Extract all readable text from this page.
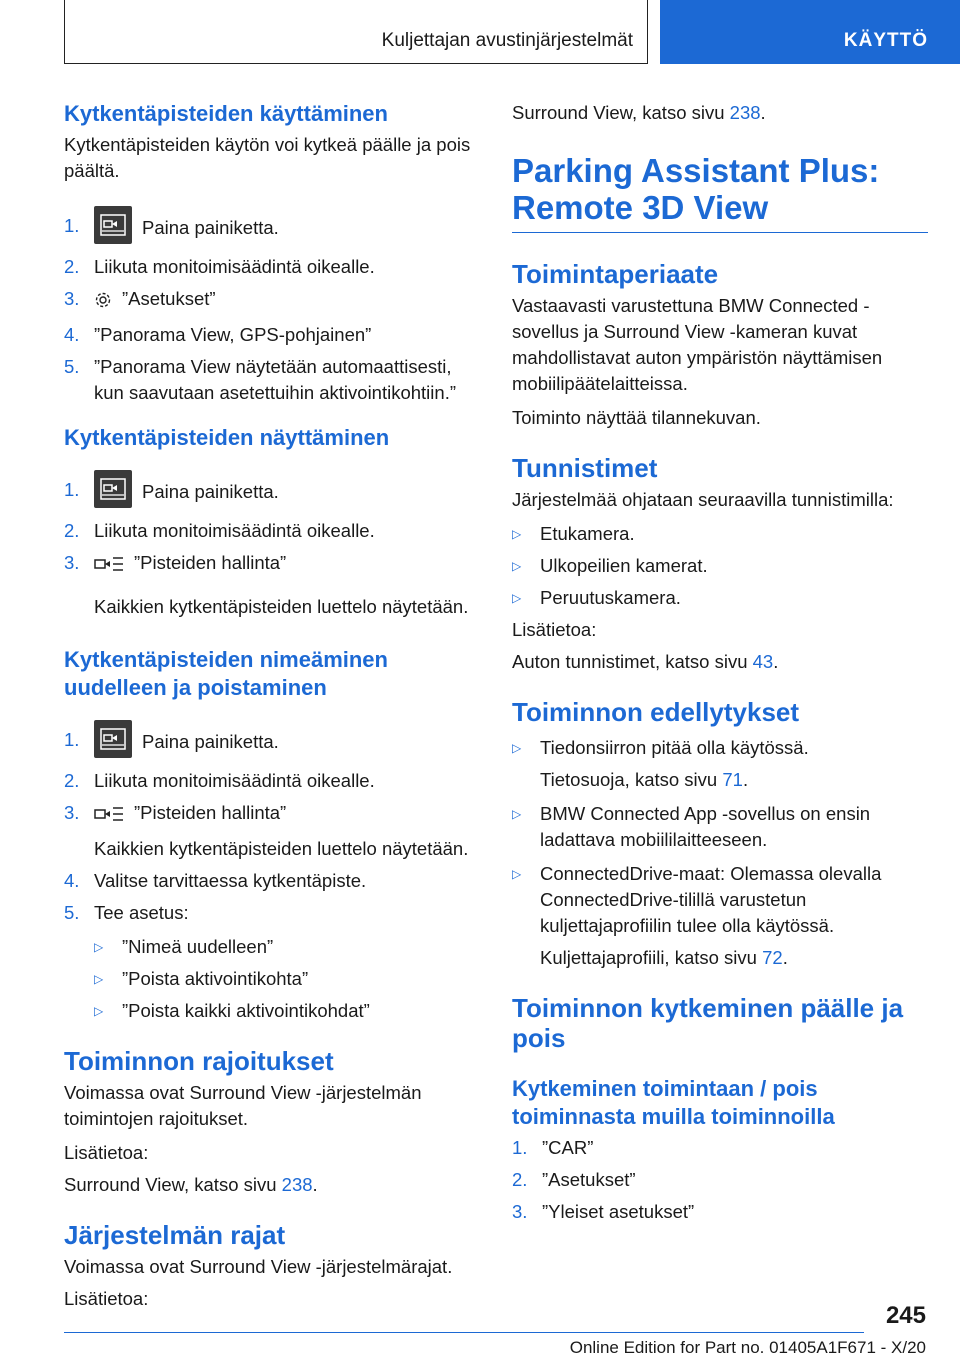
Kuljettajan avustinjärjestelmät	KÄYTTÖ
Kytkentäpisteiden käyttäminen

Kytkentäpisteiden käytön voi kytkeä päälle ja pois päältä.

1.	Paina painiketta.
2. Liikuta monitoimisäädintä oikealle.
3.	”Asetukset”
4. ”Panorama View, GPS-pohjainen”
5. ”Panorama View näytetään automaattisesti, kun saavutaan asetettuihin aktivointikohtiin.”
Kytkentäpisteiden näyttäminen
1.	Paina painiketta.
2. Liikuta monitoimisäädintä oikealle.
3.	”Pisteiden hallinta”

Kaikkien kytkentäpisteiden luettelo näytetään.

Kytkentäpisteiden nimeäminen uudelleen ja poistaminen
1.	Paina painiketta.
2. Liikuta monitoimisäädintä oikealle.
3.	”Pisteiden hallinta”

Kaikkien kytkentäpisteiden luettelo näytetään.

4. Valitse tarvittaessa kytkentäpiste.
5. Tee asetus:
▷	”Nimeä uudelleen”
▷	”Poista aktivointikohta”
▷	”Poista kaikki aktivointikohdat”
Toiminnon rajoitukset

Voimassa ovat Surround View -järjestelmän toimintojen rajoitukset.

Lisätietoa:

Surround View, katso sivu 238.

Järjestelmän rajat

Voimassa ovat Surround View -järjestelmärajat.

Lisätietoa:

Surround View, katso sivu 238.

Parking Assistant Plus: Remote 3D View
Toimintaperiaate

Vastaavasti varustettuna BMW Connected -sovellus ja Surround View -kameran kuvat mahdollistavat auton ympäristön näyttämisen mobiilipäätelaitteissa.

Toiminto näyttää tilannekuvan.

Tunnistimet

Järjestelmää ohjataan seuraavilla tunnistimilla:

▷	Etukamera.
▷	Ulkopeilien kamerat.
▷	Peruutuskamera.

Lisätietoa:

Auton tunnistimet, katso sivu 43.

Toiminnon edellytykset
▷	Tiedonsiirron pitää olla käytössä.
Tietosuoja, katso sivu 71.
▷	BMW Connected App -sovellus on ensin ladattava mobiililaitteeseen.
▷	ConnectedDrive-maat: Olemassa olevalla ConnectedDrive-tilillä varustetun kuljettajaprofiilin tulee olla käytössä.
Kuljettajaprofiili, katso sivu 72.
Toiminnon kytkeminen päälle ja pois
Kytkeminen toimintaan / pois toiminnasta muilla toiminnoilla
1. ”CAR”
2. ”Asetukset”
3. ”Yleiset asetukset”
245
Online Edition for Part no. 01405A1F671 - X/20
